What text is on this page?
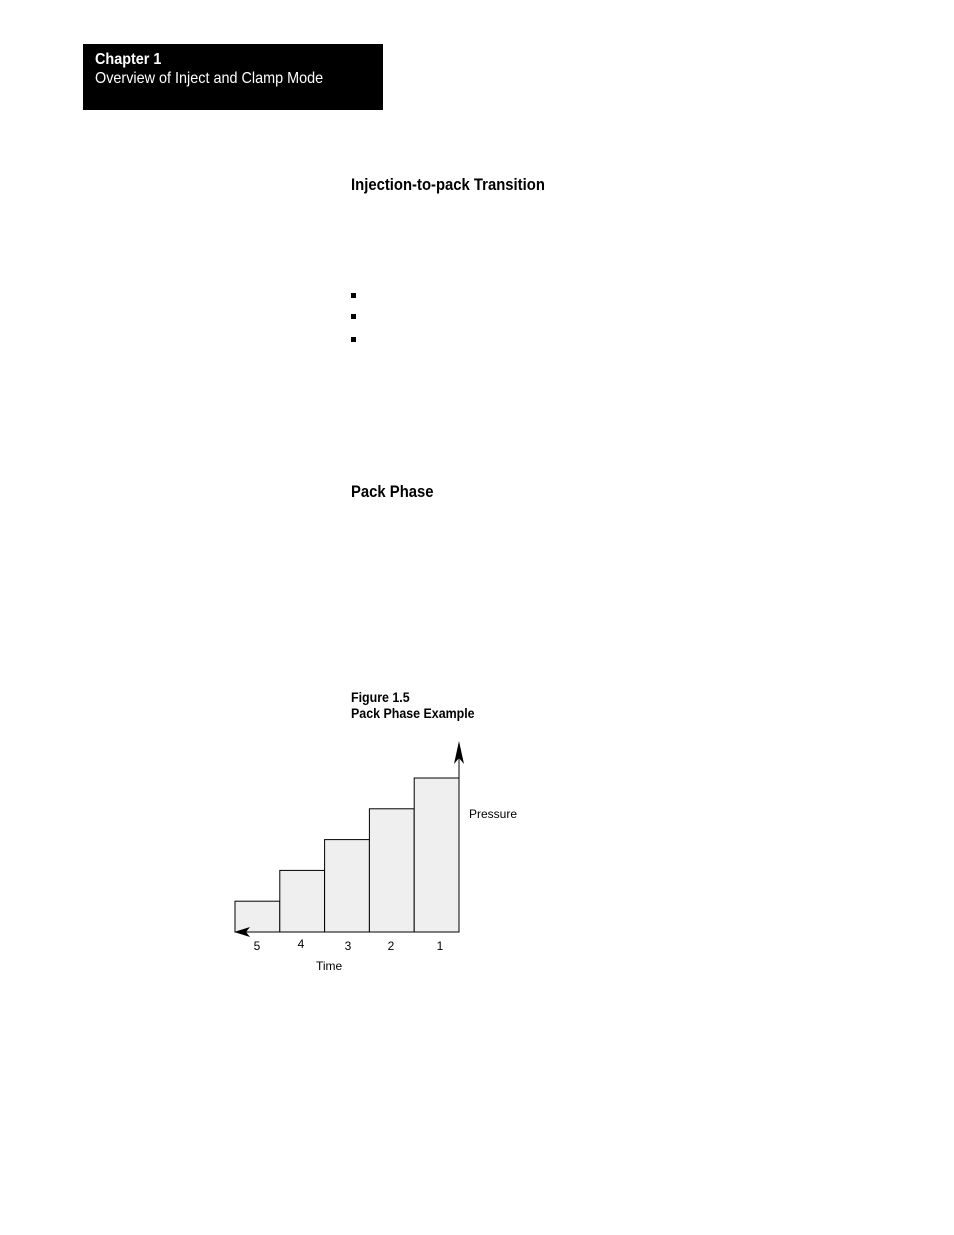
Chapter 1
Overview of Inject and Clamp Mode
Injection-to-pack Transition
Pack Phase
Figure 1.5
Pack Phase Example
5	4	3	2	1
Pressure
Time
